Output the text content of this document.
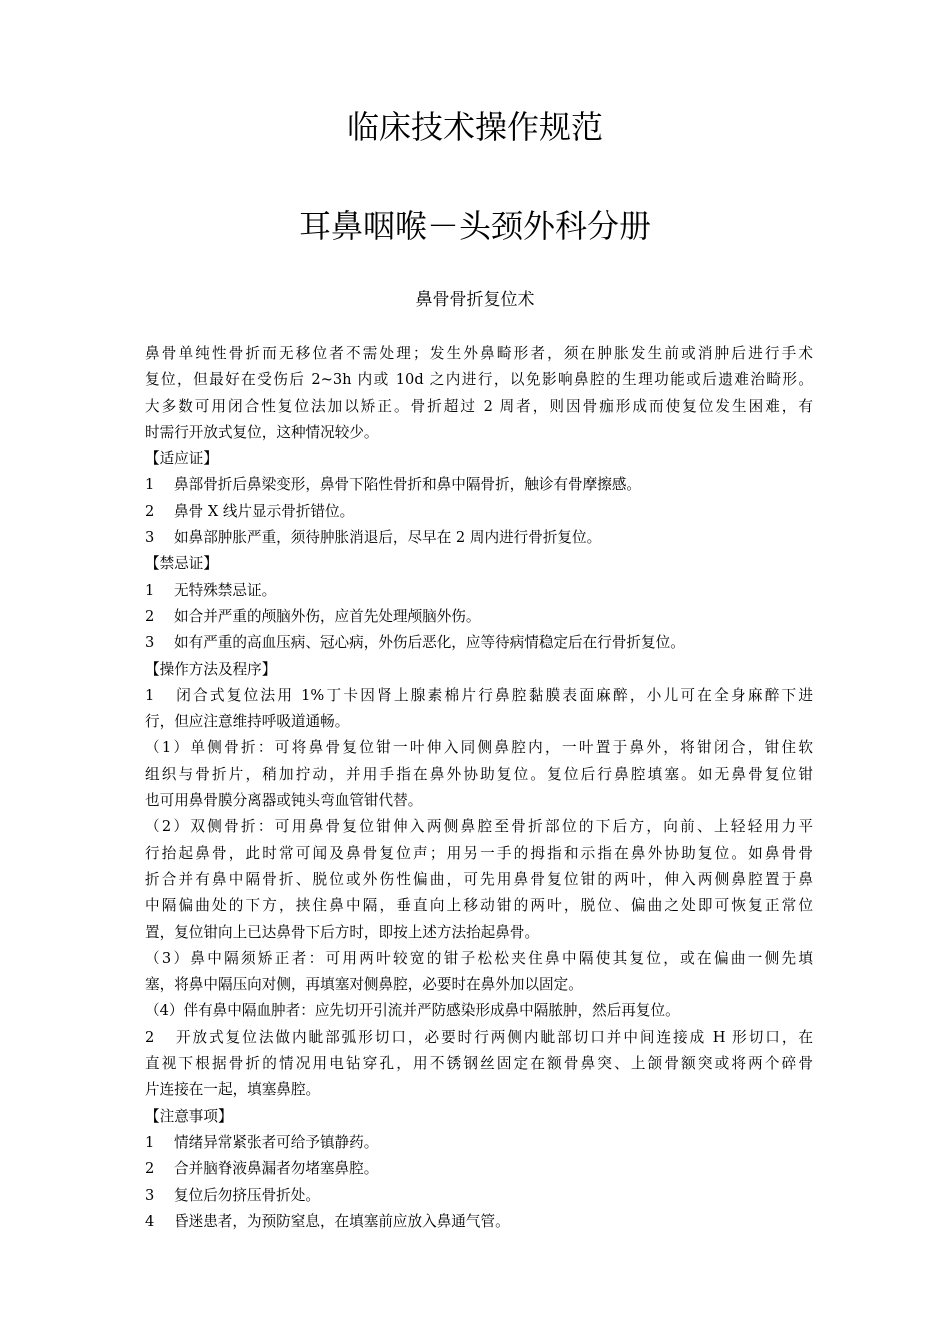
临床技术操作规范
耳鼻咽喉－头颈外科分册
鼻骨骨折复位术
鼻骨单纯性骨折而无移位者不需处理；发生外鼻畸形者，须在肿胀发生前或消肿后进行手术
复位，但最好在受伤后 2~3h 内或 10d 之内进行，以免影响鼻腔的生理功能或后遗难治畸形。
大多数可用闭合性复位法加以矫正。骨折超过 2 周者，则因骨痂形成而使复位发生困难，有
时需行开放式复位，这种情况较少。
【适应证】
1 鼻部骨折后鼻梁变形，鼻骨下陷性骨折和鼻中隔骨折，触诊有骨摩擦感。
2 鼻骨 X 线片显示骨折错位。
3 如鼻部肿胀严重，须待肿胀消退后，尽早在 2 周内进行骨折复位。
【禁忌证】
1 无特殊禁忌证。
2 如合并严重的颅脑外伤，应首先处理颅脑外伤。
3 如有严重的高血压病、冠心病，外伤后恶化，应等待病情稳定后在行骨折复位。
【操作方法及程序】
1 闭合式复位法用 1%丁卡因肾上腺素棉片行鼻腔黏膜表面麻醉，小儿可在全身麻醉下进
行，但应注意维持呼吸道通畅。
（1）单侧骨折：可将鼻骨复位钳一叶伸入同侧鼻腔内，一叶置于鼻外，将钳闭合，钳住软
组织与骨折片，稍加拧动，并用手指在鼻外协助复位。复位后行鼻腔填塞。如无鼻骨复位钳
也可用鼻骨膜分离器或钝头弯血管钳代替。
（2）双侧骨折：可用鼻骨复位钳伸入两侧鼻腔至骨折部位的下后方，向前、上轻轻用力平
行抬起鼻骨，此时常可闻及鼻骨复位声；用另一手的拇指和示指在鼻外协助复位。如鼻骨骨
折合并有鼻中隔骨折、脱位或外伤性偏曲，可先用鼻骨复位钳的两叶，伸入两侧鼻腔置于鼻
中隔偏曲处的下方，挟住鼻中隔，垂直向上移动钳的两叶，脱位、偏曲之处即可恢复正常位
置，复位钳向上已达鼻骨下后方时，即按上述方法抬起鼻骨。
（3）鼻中隔须矫正者：可用两叶较宽的钳子松松夹住鼻中隔使其复位，或在偏曲一侧先填
塞，将鼻中隔压向对侧，再填塞对侧鼻腔，必要时在鼻外加以固定。
（4）伴有鼻中隔血肿者：应先切开引流并严防感染形成鼻中隔脓肿，然后再复位。
2 开放式复位法做内眦部弧形切口，必要时行两侧内眦部切口并中间连接成 H 形切口，在
直视下根据骨折的情况用电钻穿孔，用不锈钢丝固定在额骨鼻突、上颌骨额突或将两个碎骨
片连接在一起，填塞鼻腔。
【注意事项】
1 情绪异常紧张者可给予镇静药。
2 合并脑脊液鼻漏者勿堵塞鼻腔。
3 复位后勿挤压骨折处。
4 昏迷患者，为预防窒息，在填塞前应放入鼻通气管。
